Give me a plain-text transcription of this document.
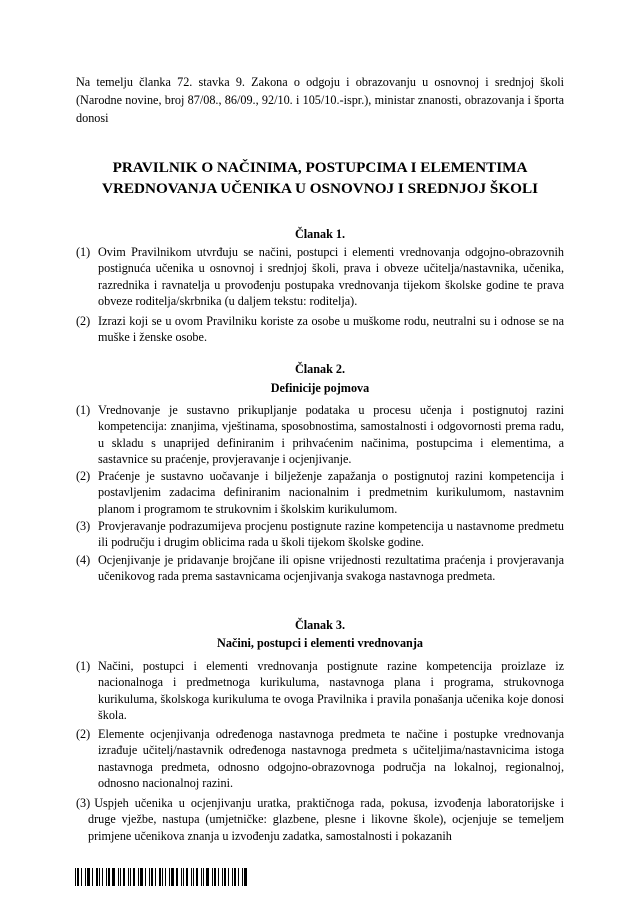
Na temelju članka 72. stavka 9. Zakona o odgoju i obrazovanju u osnovnoj i srednjoj školi (Narodne novine, broj 87/08., 86/09., 92/10. i 105/10.-ispr.), ministar znanosti, obrazovanja i športa donosi

PRAVILNIK O NAČINIMA, POSTUPCIMA I ELEMENTIMA VREDNOVANJA UČENIKA U OSNOVNOJ I SREDNJOJ ŠKOLI
Članak 1.

(1) Ovim Pravilnikom utvrđuju se načini, postupci i elementi vrednovanja odgojno-obrazovnih postignuća učenika u osnovnoj i srednjoj školi, prava i obveze učitelja/nastavnika, učenika, razrednika i ravnatelja u provođenju postupaka vrednovanja tijekom školske godine te prava obveze roditelja/skrbnika (u daljem tekstu: roditelja).

(2) Izrazi koji se u ovom Pravilniku koriste za osobe u muškome rodu, neutralni su i odnose se na muške i ženske osobe.

Članak 2.
Definicije pojmova

(1) Vrednovanje je sustavno prikupljanje podataka u procesu učenja i postignutoj razini kompetencija: znanjima, vještinama, sposobnostima, samostalnosti i odgovornosti prema radu, u skladu s unaprijed definiranim i prihvaćenim načinima, postupcima i elementima, a sastavnice su praćenje, provjeravanje i ocjenjivanje.

(2) Praćenje je sustavno uočavanje i bilježenje zapažanja o postignutoj razini kompetencija i postavljenim zadacima definiranim nacionalnim i predmetnim kurikulumom, nastavnim planom i programom te strukovnim i školskim kurikulumom.

(3) Provjeravanje podrazumijeva procjenu postignute razine kompetencija u nastavnome predmetu ili području i drugim oblicima rada u školi tijekom školske godine.

(4) Ocjenjivanje je pridavanje brojčane ili opisne vrijednosti rezultatima praćenja i provjeravanja učenikovog rada prema sastavnicama ocjenjivanja svakoga nastavnoga predmeta.

Članak 3.
Načini, postupci i elementi vrednovanja

(1) Načini, postupci i elementi vrednovanja postignute razine kompetencija proizlaze iz nacionalnoga i predmetnoga kurikuluma, nastavnoga plana i programa, strukovnoga kurikuluma, školskoga kurikuluma te ovoga Pravilnika i pravila ponašanja učenika koje donosi škola.

(2) Elemente ocjenjivanja određenoga nastavnoga predmeta te načine i postupke vrednovanja izrađuje učitelj/nastavnik određenoga nastavnoga predmeta s učiteljima/nastavnicima istoga nastavnoga predmeta, odnosno odgojno-obrazovnoga područja na lokalnoj, regionalnoj, odnosno nacionalnoj razini.

(3) Uspjeh učenika u ocjenjivanju uratka, praktičnoga rada, pokusa, izvođenja laboratorijske i druge vježbe, nastupa (umjetničke: glazbene, plesne i likovne škole), ocjenjuje se temeljem primjene učenikova znanja u izvođenju zadatka, samostalnosti i pokazanih
